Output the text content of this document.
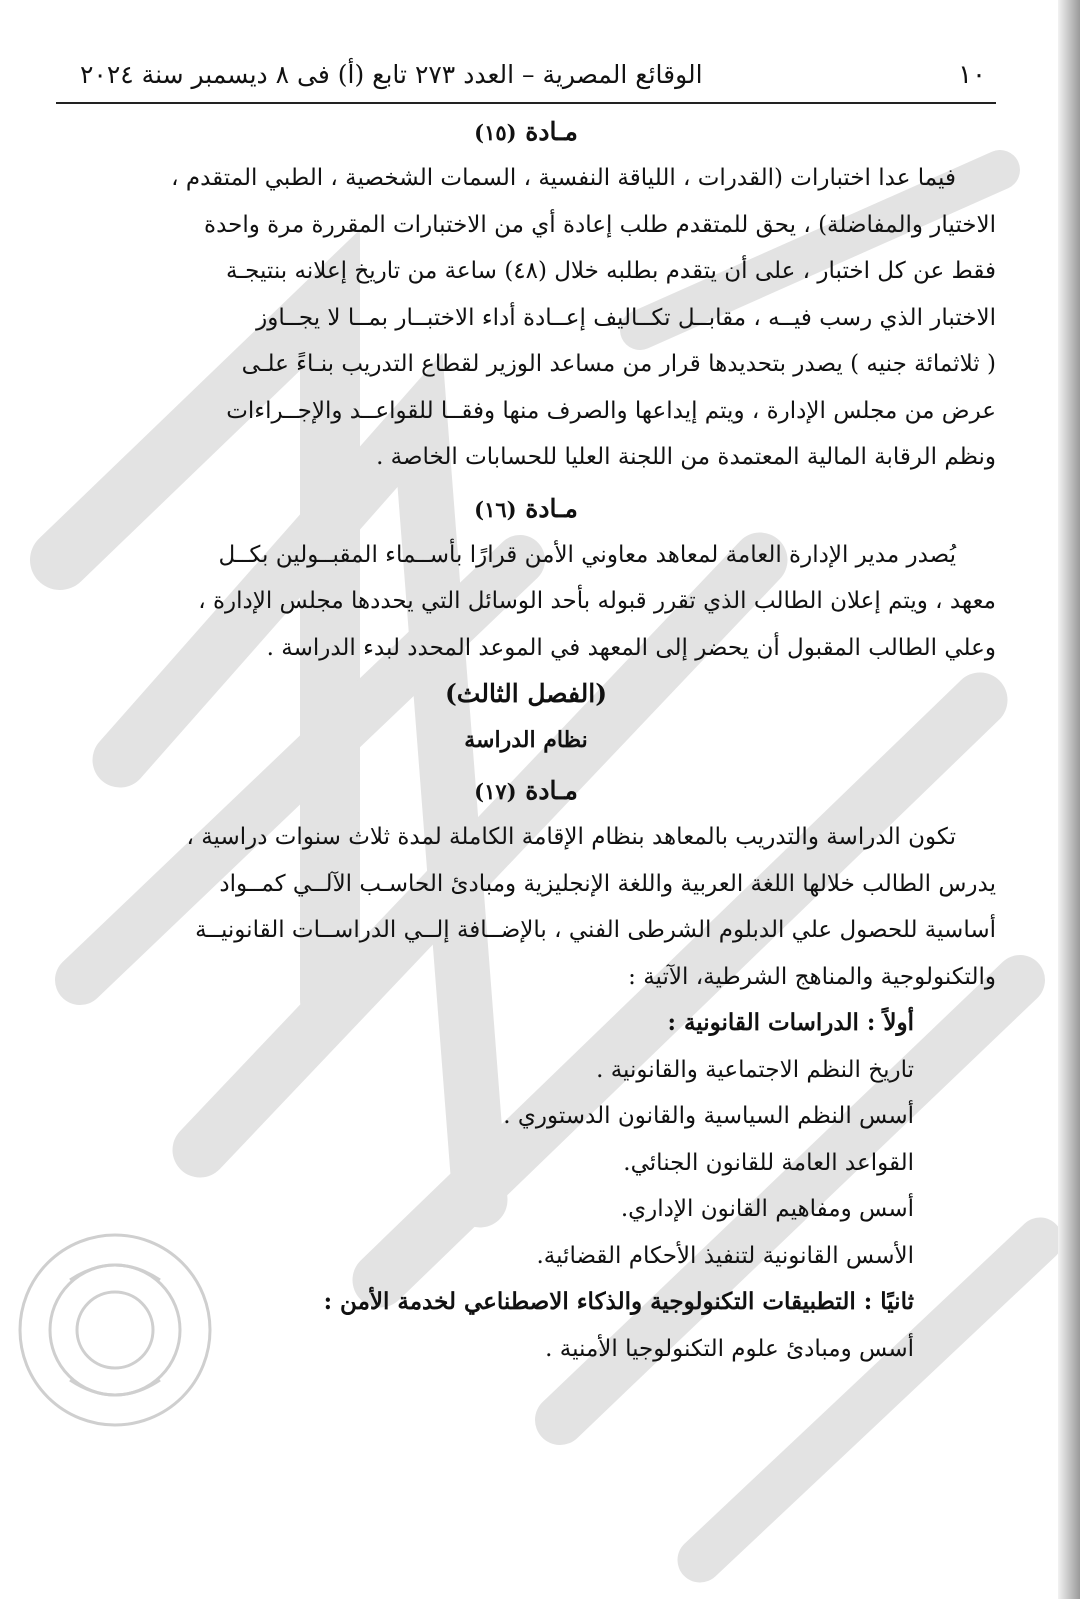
١٠
الوقائع المصرية – العدد ٢٧٣ تابع (أ) فى ٨ ديسمبر سنة ٢٠٢٤
مـادة (١٥)

فيما عدا اختبارات (القدرات ، اللياقة النفسية ، السمات الشخصية ، الطبي المتقدم ،

الاختيار والمفاضلة) ، يحق للمتقدم طلب إعادة أي من الاختبارات المقررة مرة واحدة

فقط عن كل اختبار ، على أن يتقدم بطلبه خلال (٤٨) ساعة من تاريخ إعلانه بنتيجـة

الاختبار الذي رسب فيــه ، مقابــل تكــاليف إعــادة أداء الاختبــار بمــا لا يجــاوز

( ثلاثمائة جنيه ) يصدر بتحديدها قرار من مساعد الوزير لقطاع التدريب بنـاءً علـى

عرض من مجلس الإدارة ، ويتم إيداعها والصرف منها وفقــا للقواعــد والإجــراءات

ونظم الرقابة المالية المعتمدة من اللجنة العليا للحسابات الخاصة .

مـادة (١٦)

يُصدر مدير الإدارة العامة لمعاهد معاوني الأمن قرارًا بأســماء المقبــولين بكــل

معهد ، ويتم إعلان الطالب الذي تقرر قبوله بأحد الوسائل التي يحددها مجلس الإدارة ،

وعلي الطالب المقبول أن يحضر إلى المعهد في الموعد المحدد لبدء الدراسة .

(الفصل الثالث)
نظام الدراسة
مـادة (١٧)

تكون الدراسة والتدريب بالمعاهد بنظام الإقامة الكاملة لمدة ثلاث سنوات دراسية ،

يدرس الطالب خلالها اللغة العربية واللغة الإنجليزية ومبادئ الحاسـب الآلــي كمــواد

أساسية للحصول علي الدبلوم الشرطى الفني ، بالإضــافة إلــي الدراســات القانونيــة

والتكنولوجية والمناهج الشرطية، الآتية :

أولاً : الدراسات القانونية :
تاريخ النظم الاجتماعية والقانونية .
أسس النظم السياسية والقانون الدستوري .
القواعد العامة للقانون الجنائي.
أسس ومفاهيم القانون الإداري.
الأسس القانونية لتنفيذ الأحكام القضائية.
ثانيًا : التطبيقات التكنولوجية والذكاء الاصطناعي لخدمة الأمن :
أسس ومبادئ علوم التكنولوجيا الأمنية .
